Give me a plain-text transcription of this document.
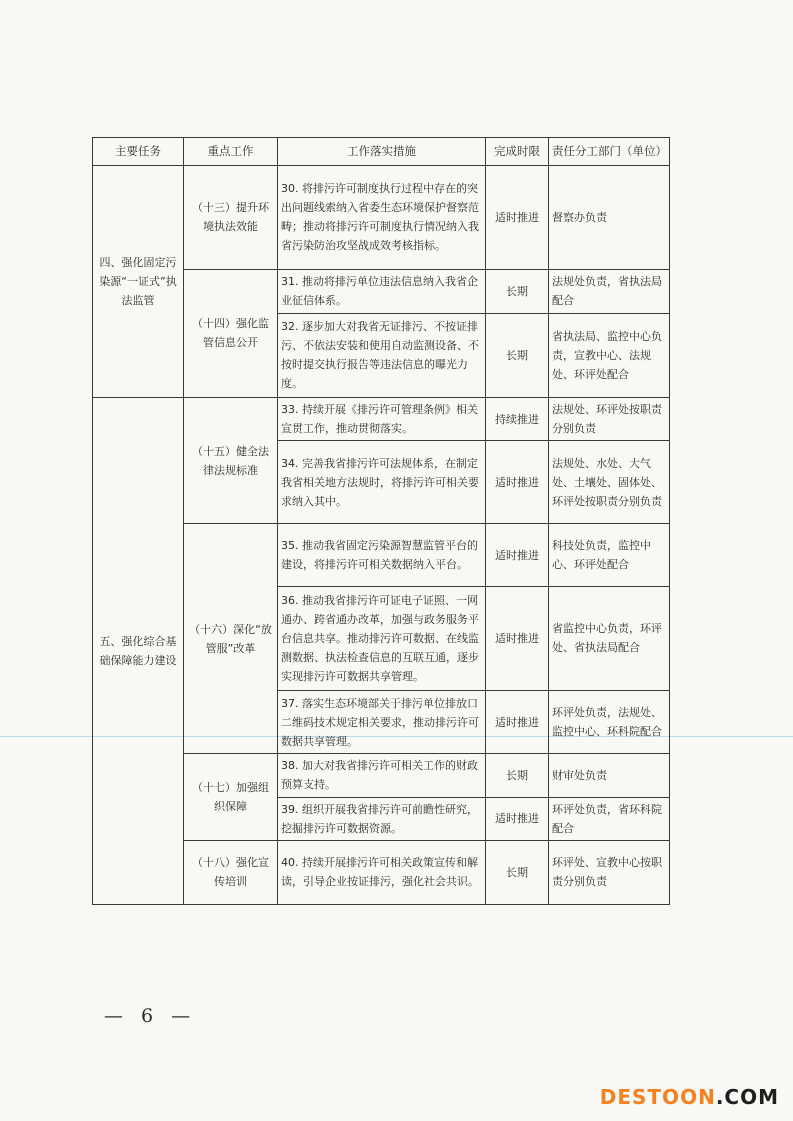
主要任务	重点工作	工作落实措施	完成时限	责任分工部门（单位）
四、强化固定污染源“一证式”执法监管	（十三）提升环境执法效能	30. 将排污许可制度执行过程中存在的突出问题线索纳入省委生态环境保护督察范畴；推动将排污许可制度执行情况纳入我省污染防治攻坚战成效考核指标。	适时推进	督察办负责
	（十四）强化监管信息公开	31. 推动将排污单位违法信息纳入我省企业征信体系。	长期	法规处负责，省执法局配合
		32. 逐步加大对我省无证排污、不按证排污、不依法安装和使用自动监测设备、不按时提交执行报告等违法信息的曝光力度。	长期	省执法局、监控中心负责，宣教中心、法规处、环评处配合
五、强化综合基础保障能力建设	（十五）健全法律法规标准	33. 持续开展《排污许可管理条例》相关宣贯工作，推动贯彻落实。	持续推进	法规处、环评处按职责分别负责
		34. 完善我省排污许可法规体系，在制定我省相关地方法规时，将排污许可相关要求纳入其中。	适时推进	法规处、水处、大气处、土壤处、固体处、环评处按职责分别负责
	（十六）深化“放管服”改革	35. 推动我省固定污染源智慧监管平台的建设，将排污许可相关数据纳入平台。	适时推进	科技处负责，监控中心、环评处配合
		36. 推动我省排污许可证电子证照、一网通办、跨省通办改革，加强与政务服务平台信息共享。推动排污许可数据、在线监测数据、执法检查信息的互联互通，逐步实现排污许可数据共享管理。	适时推进	省监控中心负责，环评处、省执法局配合
		37. 落实生态环境部关于排污单位排放口二维码技术规定相关要求，推动排污许可数据共享管理。	适时推进	环评处负责，法规处、监控中心、环科院配合
	（十七）加强组织保障	38. 加大对我省排污许可相关工作的财政预算支持。	长期	财审处负责
		39. 组织开展我省排污许可前瞻性研究，挖掘排污许可数据资源。	适时推进	环评处负责，省环科院配合
	（十八）强化宣传培训	40. 持续开展排污许可相关政策宣传和解读，引导企业按证排污，强化社会共识。	长期	环评处、宣教中心按职责分别负责
— 6 —
DESTOON.COM
